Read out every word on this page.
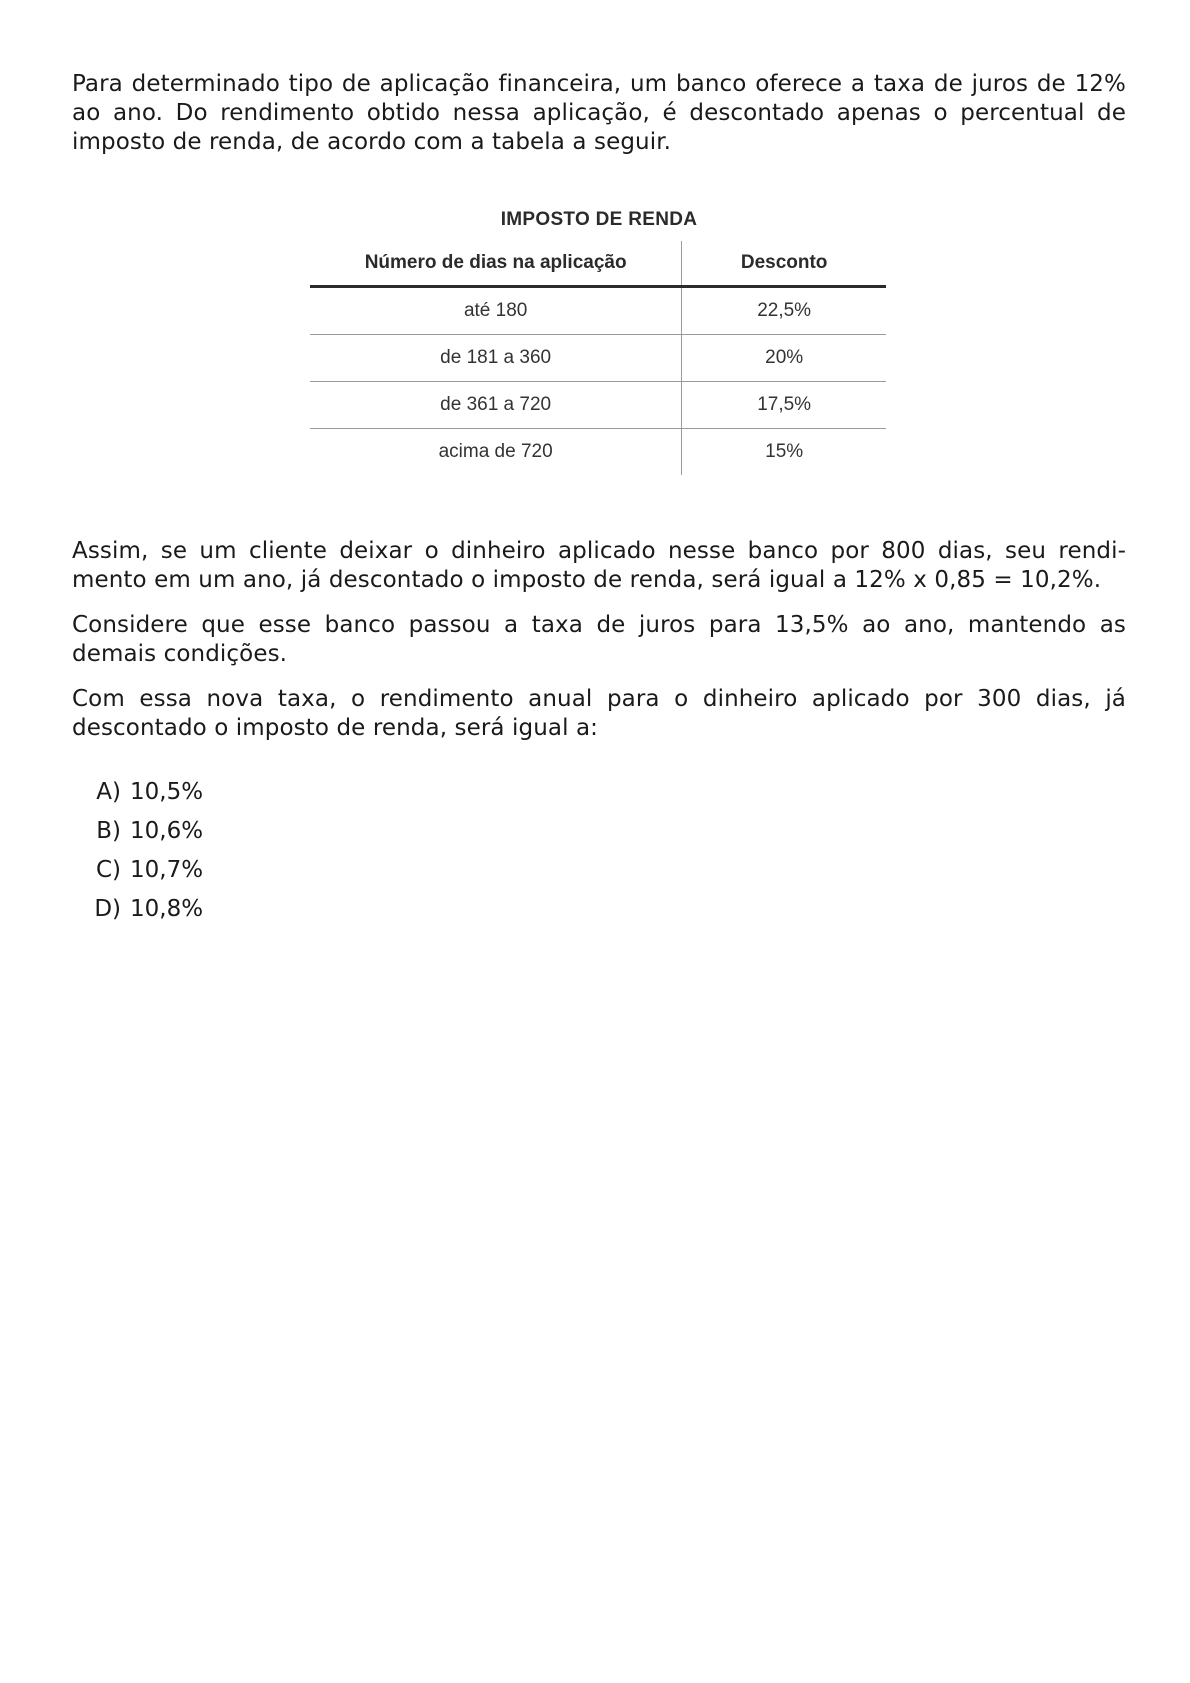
Para determinado tipo de aplicação financeira, um banco oferece a taxa de juros de 12% ao ano. Do rendimento obtido nessa aplicação, é descontado apenas o percentual de imposto de renda, de acordo com a tabela a seguir.

IMPOSTO DE RENDA
Número de dias na aplicação	Desconto
até 180	22,5%
de 181 a 360	20%
de 361 a 720	17,5%
acima de 720	15%

Assim, se um cliente deixar o dinheiro aplicado nesse banco por 800 dias, seu rendi-mento em um ano, já descontado o imposto de renda, será igual a 12% x 0,85 = 10,2%.

Considere que esse banco passou a taxa de juros para 13,5% ao ano, mantendo as demais condições.

Com essa nova taxa, o rendimento anual para o dinheiro aplicado por 300 dias, já descontado o imposto de renda, será igual a:

A) 10,5%
B) 10,6%
C) 10,7%
D) 10,8%
